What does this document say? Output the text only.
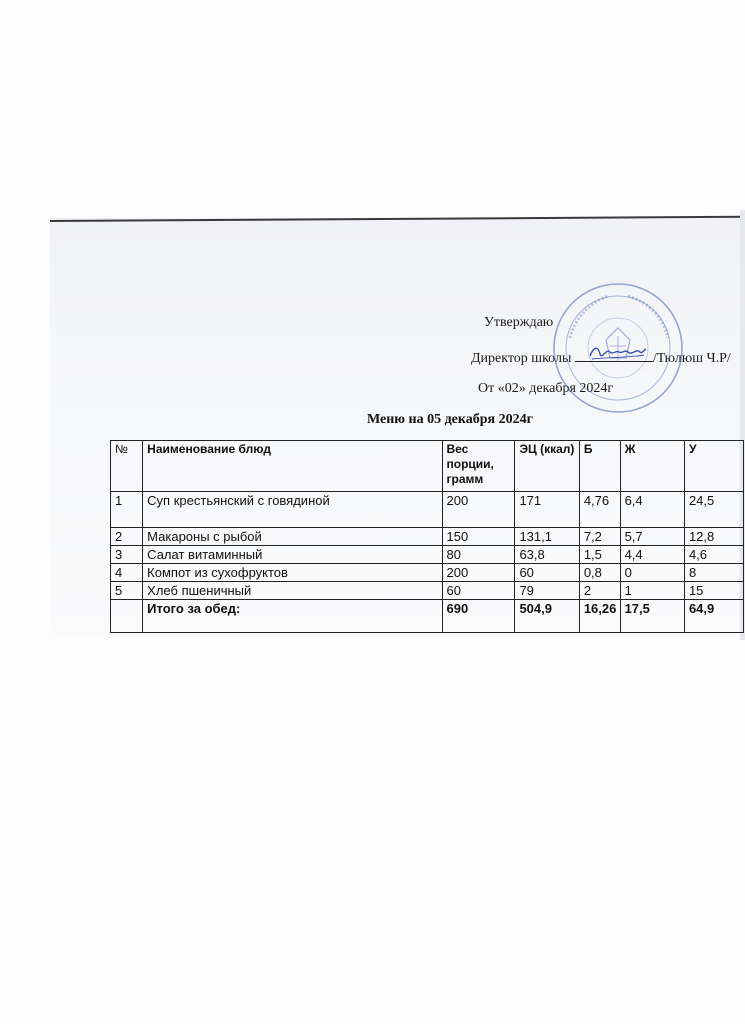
Утверждаю
Директор школы	/Тюлюш Ч.Р/
От «02» декабря 2024г
Меню на 05 декабря 2024г
№	Наименование блюд	Вес порции, грамм	ЭЦ (ккал)	Б	Ж	У
1	Суп крестьянский с говядиной	200	171	4,76	6,4	24,5
2	Макароны с рыбой	150	131,1	7,2	5,7	12,8
3	Салат витаминный	80	63,8	1,5	4,4	4,6
4	Компот из сухофруктов	200	60	0,8	0	8
5	Хлеб пшеничный	60	79	2	1	15
	Итого за обед:	690	504,9	16,26	17,5	64,9
